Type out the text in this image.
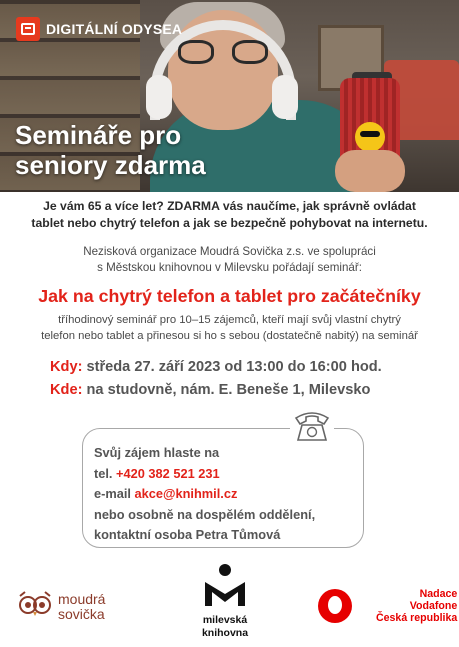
DIGITÁLNÍ ODYSEA
Semináře pro
seniory zdarma
Je vám 65 a více let? ZDARMA vás naučíme, jak správně ovládat
tablet nebo chytrý telefon a jak se bezpečně pohybovat na internetu.
Nezisková organizace Moudrá Sovička z.s. ve spolupráci
s Městskou knihovnou v Milevsku pořádají seminář:
Jak na chytrý telefon a tablet pro začátečníky
tříhodinový seminář pro 10–15 zájemců, kteří mají svůj vlastní chytrý
telefon nebo tablet a přinesou si ho s sebou (dostatečně nabitý) na seminář
Kdy: středa 27. září 2023 od 13:00 do 16:00 hod.
Kde: na studovně, nám. E. Beneše 1, Milevsko
Svůj zájem hlaste na
tel. +420 382 521 231
e-mail akce@knihmil.cz
nebo osobně na dospělém oddělení,
kontaktní osoba Petra Tůmová
moudrá
sovička	milevská
knihovna
Nadace
Vodafone
Česká republika
